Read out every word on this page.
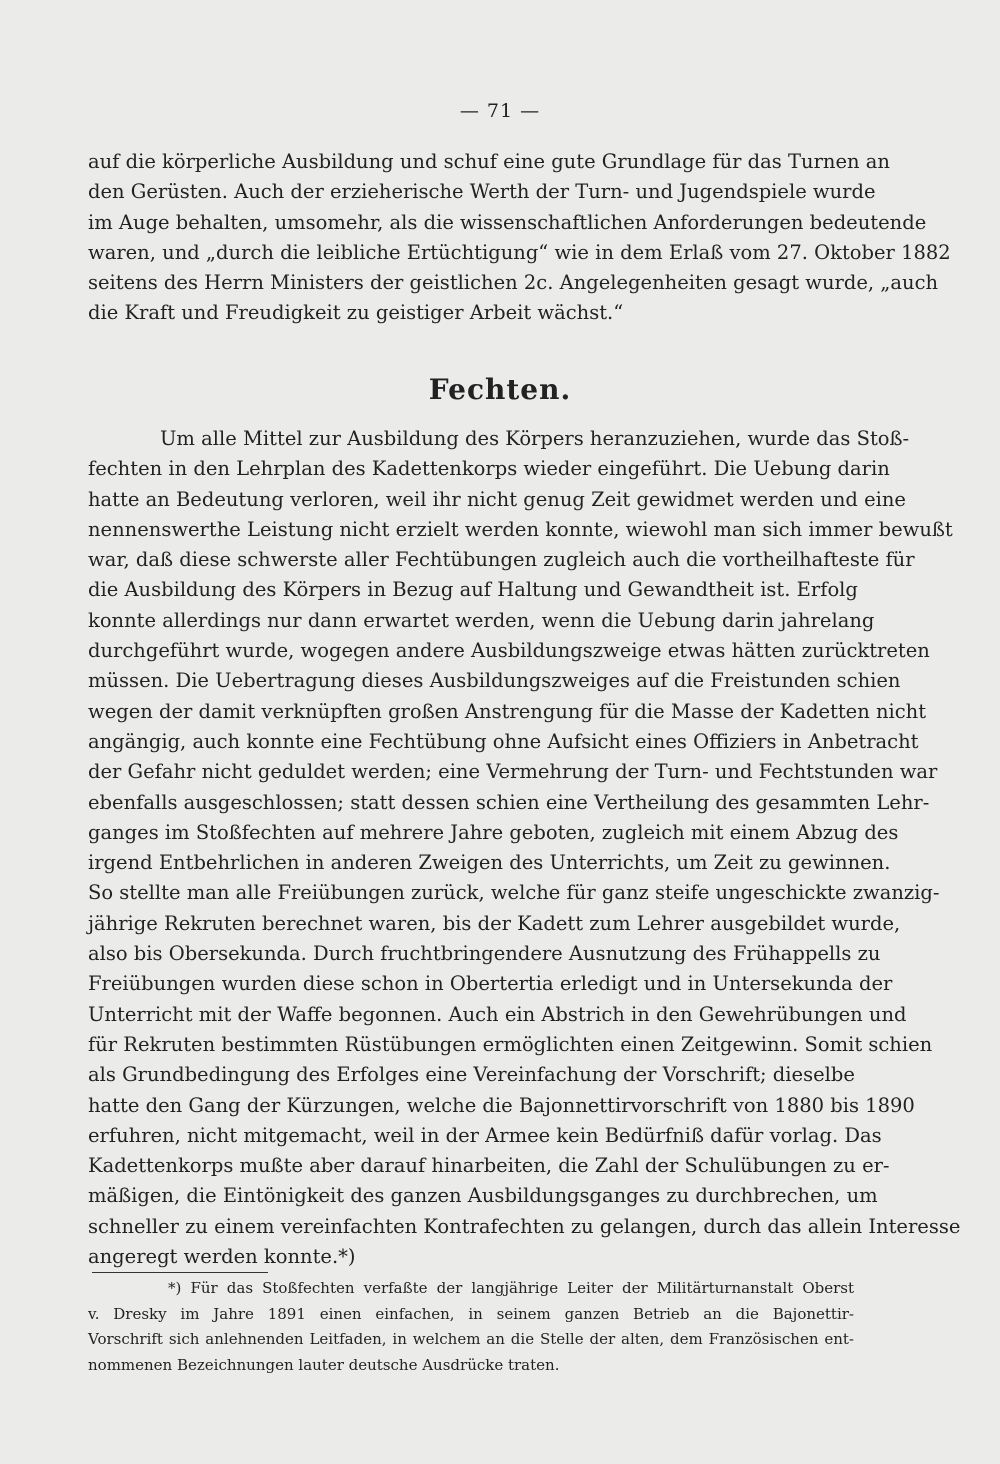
— 71 —
auf die körperliche Ausbildung und schuf eine gute Grundlage für das Turnen an
den Gerüsten. Auch der erzieherische Werth der Turn- und Jugendspiele wurde
im Auge behalten, umsomehr, als die wissenschaftlichen Anforderungen bedeutende
waren, und „durch die leibliche Ertüchtigung“ wie in dem Erlaß vom 27. Oktober 1882
seitens des Herrn Ministers der geistlichen 2c. Angelegenheiten gesagt wurde, „auch
die Kraft und Freudigkeit zu geistiger Arbeit wächst.“
Fechten.
Um alle Mittel zur Ausbildung des Körpers heranzuziehen, wurde das Stoß-
fechten in den Lehrplan des Kadettenkorps wieder eingeführt. Die Uebung darin
hatte an Bedeutung verloren, weil ihr nicht genug Zeit gewidmet werden und eine
nennenswerthe Leistung nicht erzielt werden konnte, wiewohl man sich immer bewußt
war, daß diese schwerste aller Fechtübungen zugleich auch die vortheilhafteste für
die Ausbildung des Körpers in Bezug auf Haltung und Gewandtheit ist. Erfolg
konnte allerdings nur dann erwartet werden, wenn die Uebung darin jahrelang
durchgeführt wurde, wogegen andere Ausbildungszweige etwas hätten zurücktreten
müssen. Die Uebertragung dieses Ausbildungszweiges auf die Freistunden schien
wegen der damit verknüpften großen Anstrengung für die Masse der Kadetten nicht
angängig, auch konnte eine Fechtübung ohne Aufsicht eines Offiziers in Anbetracht
der Gefahr nicht geduldet werden; eine Vermehrung der Turn- und Fechtstunden war
ebenfalls ausgeschlossen; statt dessen schien eine Vertheilung des gesammten Lehr-
ganges im Stoßfechten auf mehrere Jahre geboten, zugleich mit einem Abzug des
irgend Entbehrlichen in anderen Zweigen des Unterrichts, um Zeit zu gewinnen.
So stellte man alle Freiübungen zurück, welche für ganz steife ungeschickte zwanzig-
jährige Rekruten berechnet waren, bis der Kadett zum Lehrer ausgebildet wurde,
also bis Obersekunda. Durch fruchtbringendere Ausnutzung des Frühappells zu
Freiübungen wurden diese schon in Obertertia erledigt und in Untersekunda der
Unterricht mit der Waffe begonnen. Auch ein Abstrich in den Gewehrübungen und
für Rekruten bestimmten Rüstübungen ermöglichten einen Zeitgewinn. Somit schien
als Grundbedingung des Erfolges eine Vereinfachung der Vorschrift; dieselbe
hatte den Gang der Kürzungen, welche die Bajonnettirvorschrift von 1880 bis 1890
erfuhren, nicht mitgemacht, weil in der Armee kein Bedürfniß dafür vorlag. Das
Kadettenkorps mußte aber darauf hinarbeiten, die Zahl der Schulübungen zu er-
mäßigen, die Eintönigkeit des ganzen Ausbildungsganges zu durchbrechen, um
schneller zu einem vereinfachten Kontrafechten zu gelangen, durch das allein Interesse
angeregt werden konnte.*)
*) Für das Stoßfechten verfaßte der langjährige Leiter der Militärturnanstalt Oberst
v. Dresky im Jahre 1891 einen einfachen, in seinem ganzen Betrieb an die Bajonettir-
Vorschrift sich anlehnenden Leitfaden, in welchem an die Stelle der alten, dem Französischen ent-
nommenen Bezeichnungen lauter deutsche Ausdrücke traten.
